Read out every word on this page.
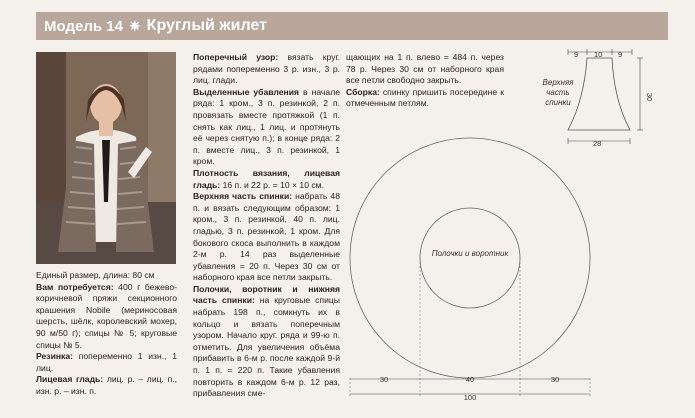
Модель 14 ✷ Круглый жилет

Единый размер, длина: 80 см

Вам потребуется: 400 г бежево-коричневой пряжи секционного крашения Nobile (мериносовая шерсть, шёлк, королевский мохер, 90 м/50 г); спицы № 5; круговые спицы № 5.

Резинка: попеременно 1 изн., 1 лиц.

Лицевая гладь: лиц. р. – лиц. п., изн. р. – изн. п.

Поперечный узор: вязать круг. рядами попеременно 3 р. изн., 3 р. лиц. глади.

Выделенные убавления в начале ряда: 1 кром., 3 п. резинкой, 2 п. провязать вместе протяжкой (1 п. снять как лиц., 1 лиц. и протянуть её через снятую п.); в конце ряда: 2 п. вместе лиц., 3 п. резинкой, 1 кром.

Плотность вязания, лицевая гладь: 16 п. и 22 р. = 10 × 10 см.

Верхняя часть спинки: набрать 48 п. и вязать следующим образом: 1 кром., 3 п. резинкой, 40 п. лиц. гладью, 3 п. резинкой, 1 кром. Для бокового скоса выполнить в каждом 2-м р. 14 раз выделенные убавления = 20 п. Через 30 см от наборного края все петли закрыть.

Полочки, воротник и нижняя часть спинки: на круговые спицы набрать 198 п., сомкнуть их в кольцо и вязать поперечным узором. Начало круг. ряда и 99-ю п. отметить. Для увеличения объёма прибавить в 6-м р. после каждой 9-й п. 1 п. = 220 п. Такие убавления повторить в каждом 6-м р. 12 раз, прибавления сме-

щающих на 1 п. влево = 484 п. через 78 р. Через 30 см от наборного края все петли свободно закрыть.

Сборка: спинку пришить посередине к отмеченным петлям.

9 10 9
30
28
Верхняя часть спинки
Полочки и воротник
30	40	30
100
